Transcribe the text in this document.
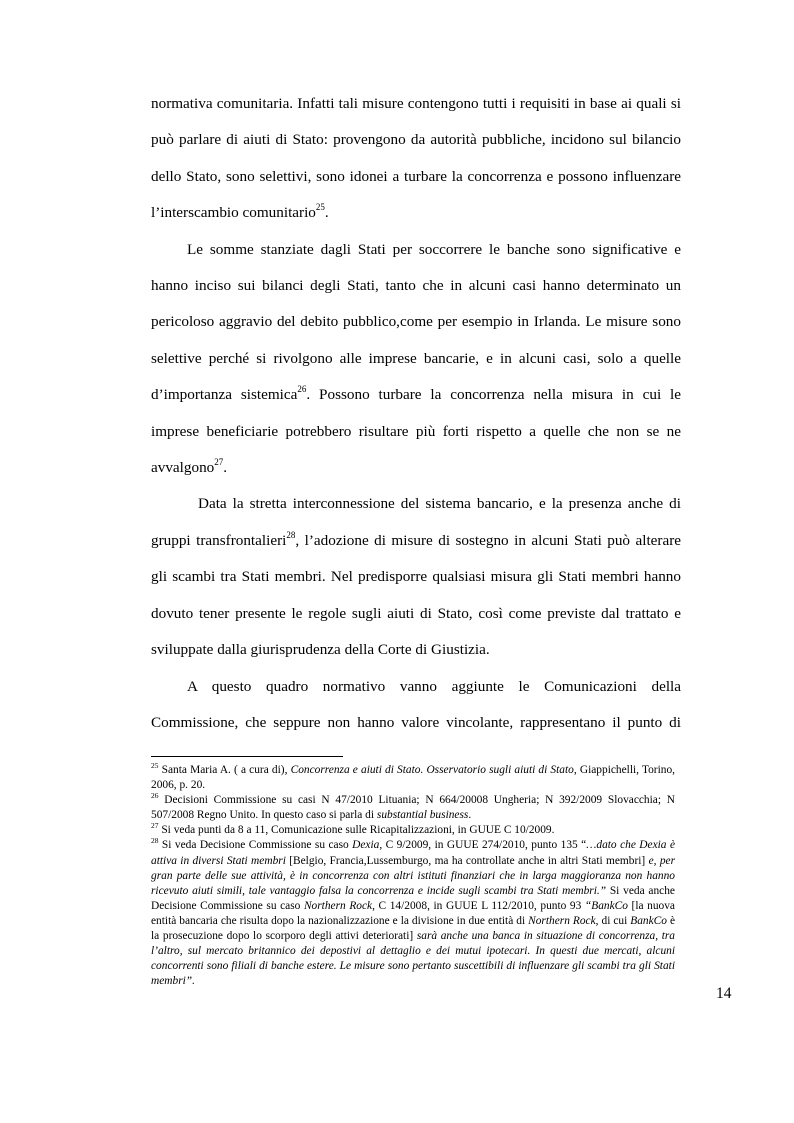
normativa comunitaria. Infatti tali misure contengono tutti i requisiti in base ai quali si può parlare di aiuti di Stato: provengono da autorità pubbliche, incidono sul bilancio dello Stato, sono selettivi, sono idonei a turbare la concorrenza e possono influenzare l’interscambio comunitario$^{25}$.

Le somme stanziate dagli Stati per soccorrere le banche sono significative e hanno inciso sui bilanci degli Stati, tanto che in alcuni casi hanno determinato un pericoloso aggravio del debito pubblico,come per esempio in Irlanda. Le misure sono selettive perché si rivolgono alle imprese bancarie, e in alcuni casi, solo a quelle d’importanza sistemica$^{26}$. Possono turbare la concorrenza nella misura in cui le imprese beneficiarie potrebbero risultare più forti rispetto a quelle che non se ne avvalgono$^{27}$.

Data la stretta interconnessione del sistema bancario, e la presenza anche di gruppi transfrontalieri$^{28}$, l’adozione di misure di sostegno in alcuni Stati può alterare gli scambi tra Stati membri. Nel predisporre qualsiasi misura gli Stati membri hanno dovuto tener presente le regole sugli aiuti di Stato, così come previste dal trattato e sviluppate dalla giurisprudenza della Corte di Giustizia.

A questo quadro normativo vanno aggiunte le Comunicazioni della Commissione, che seppure non hanno valore vincolante, rappresentano il punto di

$^{25}$ Santa Maria A. ( a cura di), Concorrenza e aiuti di Stato. Osservatorio sugli aiuti di Stato, Giappichelli, Torino, 2006, p. 20.

$^{26}$ Decisioni Commissione su casi N 47/2010 Lituania; N 664/20008 Ungheria; N 392/2009 Slovacchia; N 507/2008 Regno Unito. In questo caso si parla di substantial business.

$^{27}$ Si veda punti da 8 a 11, Comunicazione sulle Ricapitalizzazioni, in GUUE C 10/2009.

$^{28}$ Si veda Decisione Commissione su caso Dexia, C 9/2009, in GUUE 274/2010, punto 135 “…dato che Dexia è attiva in diversi Stati membri [Belgio, Francia,Lussemburgo, ma ha controllate anche in altri Stati membri] e, per gran parte delle sue attività, è in concorrenza con altri istituti finanziari che in larga maggioranza non hanno ricevuto aiuti simili, tale vantaggio falsa la concorrenza e incide sugli scambi tra Stati membri.” Si veda anche Decisione Commissione su caso Northern Rock, C 14/2008, in GUUE L 112/2010, punto 93 “BankCo [la nuova entità bancaria che risulta dopo la nazionalizzazione e la divisione in due entità di Northern Rock, di cui BankCo è la prosecuzione dopo lo scorporo degli attivi deteriorati] sarà anche una banca in situazione di concorrenza, tra l’altro, sul mercato britannico dei depostivi al dettaglio e dei mutui ipotecari. In questi due mercati, alcuni concorrenti sono filiali di banche estere. Le misure sono pertanto suscettibili di influenzare gli scambi tra gli Stati membri”.

14
